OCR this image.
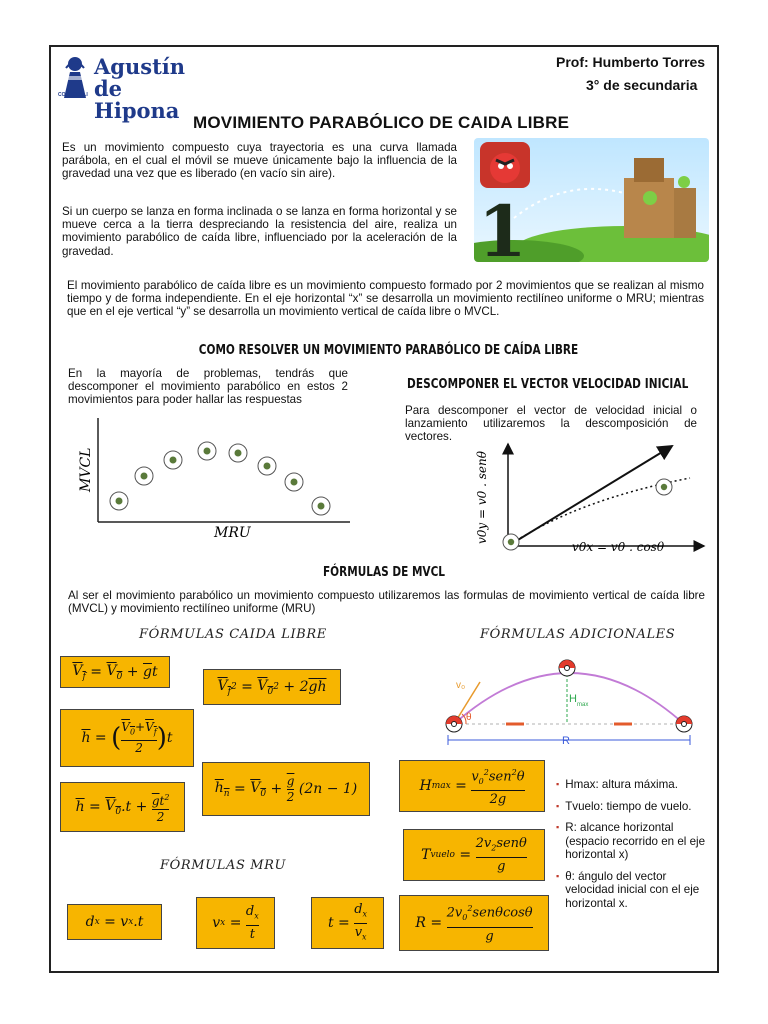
COPRODELI
Agustín
de Hipona
Prof: Humberto Torres
3° de secundaria
MOVIMIENTO PARABÓLICO DE CAIDA LIBRE
Es un movimiento compuesto cuya trayectoria es una curva llamada parábola, en el cual el móvil se mueve únicamente bajo la influencia de la gravedad una vez que es liberado (en vacío sin aire).
Si un cuerpo se lanza en forma inclinada o se lanza en forma horizontal y se mueve cerca a la tierra despreciando la resistencia del aire, realiza un movimiento parabólico de caída libre, influenciado por la aceleración de la gravedad.	1
El movimiento parabólico de caída libre es un movimiento compuesto formado por 2 movimientos que se realizan al mismo tiempo y de forma independiente. En el eje horizontal “x” se desarrolla un movimiento rectilíneo uniforme o MRU; mientras que en el eje vertical “y” se desarrolla un movimiento vertical de caída libre o MVCL.
COMO RESOLVER UN MOVIMIENTO PARABÓLICO DE CAÍDA LIBRE
En la mayoría de problemas, tendrás que descomponer el movimiento parabólico en estos 2 movimientos para poder hallar las respuestas
MRU
MVCL
DESCOMPONER EL VECTOR VELOCIDAD INICIAL
Para descomponer el vector de velocidad inicial o lanzamiento utilizaremos la descomposición de vectores.
v0y = v0 . senθ
v0x = v0 . cosθ
FÓRMULAS DE MVCL
Al ser el movimiento parabólico un movimiento compuesto utilizaremos las formulas de movimiento vertical de caída libre (MVCL) y movimiento rectilíneo uniforme (MRU)
FÓRMULAS CAIDA LIBRE	FÓRMULAS ADICIONALES
FÓRMULAS MRU
$V_f = V_0 + \overline{g}$ t
$V_f$ $2 = V_0$ 2 + 2 $\overline{g}$ $\overline{h}$
$\overline{h}$ = ( $V_0+V_f$
2 ) t
$h_n = V_0$ +
$\overline{g}$
2 (2n − 1)
$\overline{h} = V_0$ $.t + \overline{g}t^2$
2
v₀
θ
H max
R
H max =
$v_0^2sen^2\theta$
2g
T vuelo =
$2v_2sen\theta$
g
R =
$2v_0^2sen\theta\cos\theta$
g
▪ Hmax: altura máxima.
▪ Tvuelo: tiempo de vuelo.
▪ R: alcance horizontal (espacio recorrido en el eje horizontal x)
▪ θ: ángulo del vector velocidad inicial con el eje horizontal x.
d x = v x .t	v x =
$d_x$
t
t =
$d_x$
$v_x$
